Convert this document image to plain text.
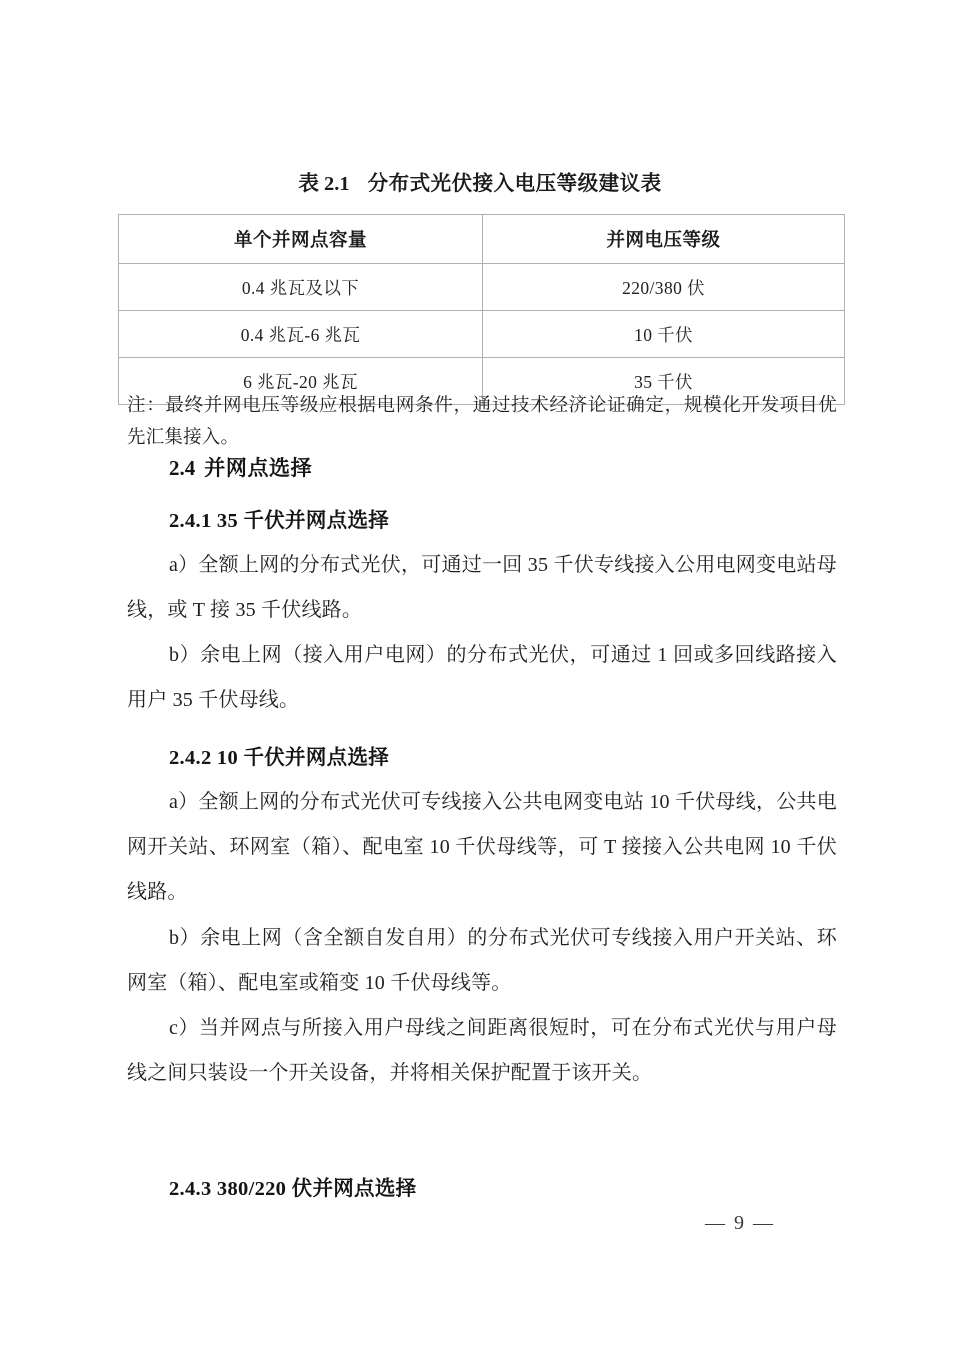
表 2.1 分布式光伏接入电压等级建议表
单个并网点容量	并网电压等级
0.4 兆瓦及以下	220/380 伏
0.4 兆瓦-6 兆瓦	10 千伏
6 兆瓦-20 兆瓦	35 千伏
注：最终并网电压等级应根据电网条件，通过技术经济论证确定，规模化开发项目优先汇集接入。
2.4 并网点选择
2.4.1 35 千伏并网点选择
a）全额上网的分布式光伏，可通过一回 35 千伏专线接入公用电网变电站母线，或 T 接 35 千伏线路。
b）余电上网（接入用户电网）的分布式光伏，可通过 1 回或多回线路接入用户 35 千伏母线。
2.4.2 10 千伏并网点选择
a）全额上网的分布式光伏可专线接入公共电网变电站 10 千伏母线，公共电网开关站、环网室（箱）、配电室 10 千伏母线等，可 T 接接入公共电网 10 千伏线路。
b）余电上网（含全额自发自用）的分布式光伏可专线接入用户开关站、环网室（箱）、配电室或箱变 10 千伏母线等。
c）当并网点与所接入用户母线之间距离很短时，可在分布式光伏与用户母线之间只装设一个开关设备，并将相关保护配置于该开关。
2.4.3 380/220 伏并网点选择
— 9 —
